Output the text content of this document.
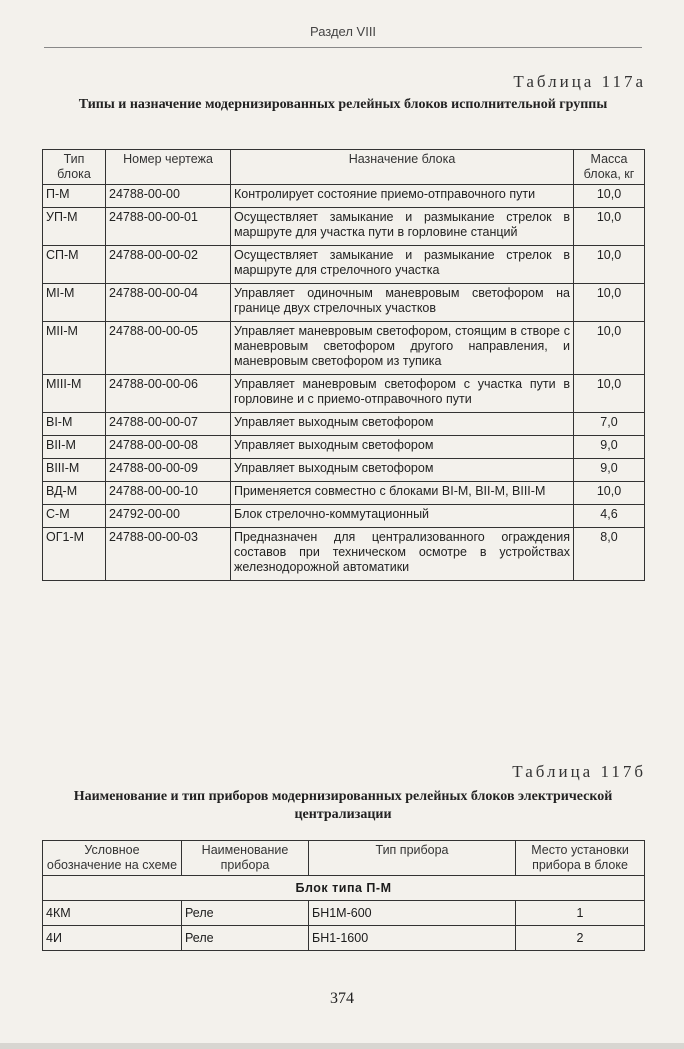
Раздел VIII
Таблица 117а
Типы и назначение модернизированных релейных блоков исполнительной группы
Тип блока	Номер чертежа	Назначение блока	Масса блока, кг
П-М	24788-00-00	Контролирует состояние приемо-отправочного пути	10,0
УП-М	24788-00-00-01	Осуществляет замыкание и размыкание стрелок в маршруте для участка пути в горловине станций	10,0
СП-М	24788-00-00-02	Осуществляет замыкание и размыкание стрелок в маршруте для стрелочного участка	10,0
МI-М	24788-00-00-04	Управляет одиночным маневровым светофором на границе двух стрелочных участков	10,0
МII-М	24788-00-00-05	Управляет маневровым светофором, стоящим в створе с маневровым светофором другого направления, и маневровым светофором из тупика	10,0
МIII-М	24788-00-00-06	Управляет маневровым светофором с участка пути в горловине и с приемо-отправочного пути	10,0
ВI-М	24788-00-00-07	Управляет выходным светофором	7,0
ВII-М	24788-00-00-08	Управляет выходным светофором	9,0
ВIII-М	24788-00-00-09	Управляет выходным светофором	9,0
ВД-М	24788-00-00-10	Применяется совместно с блоками ВI-М, ВII-М, ВIII-М	10,0
С-М	24792-00-00	Блок стрелочно-коммутационный	4,6
ОГ1-М	24788-00-00-03	Предназначен для централизованного ограждения составов при техническом осмотре в устройствах железнодорожной автоматики	8,0
Таблица 117б
Наименование и тип приборов модернизированных релейных блоков электрической централизации
Условное обозначение на схеме	Наименование прибора	Тип прибора	Место установки прибора в блоке
Блок типа П-М			
4КМ	Реле	БН1М-600	1
4И	Реле	БН1-1600	2
374
